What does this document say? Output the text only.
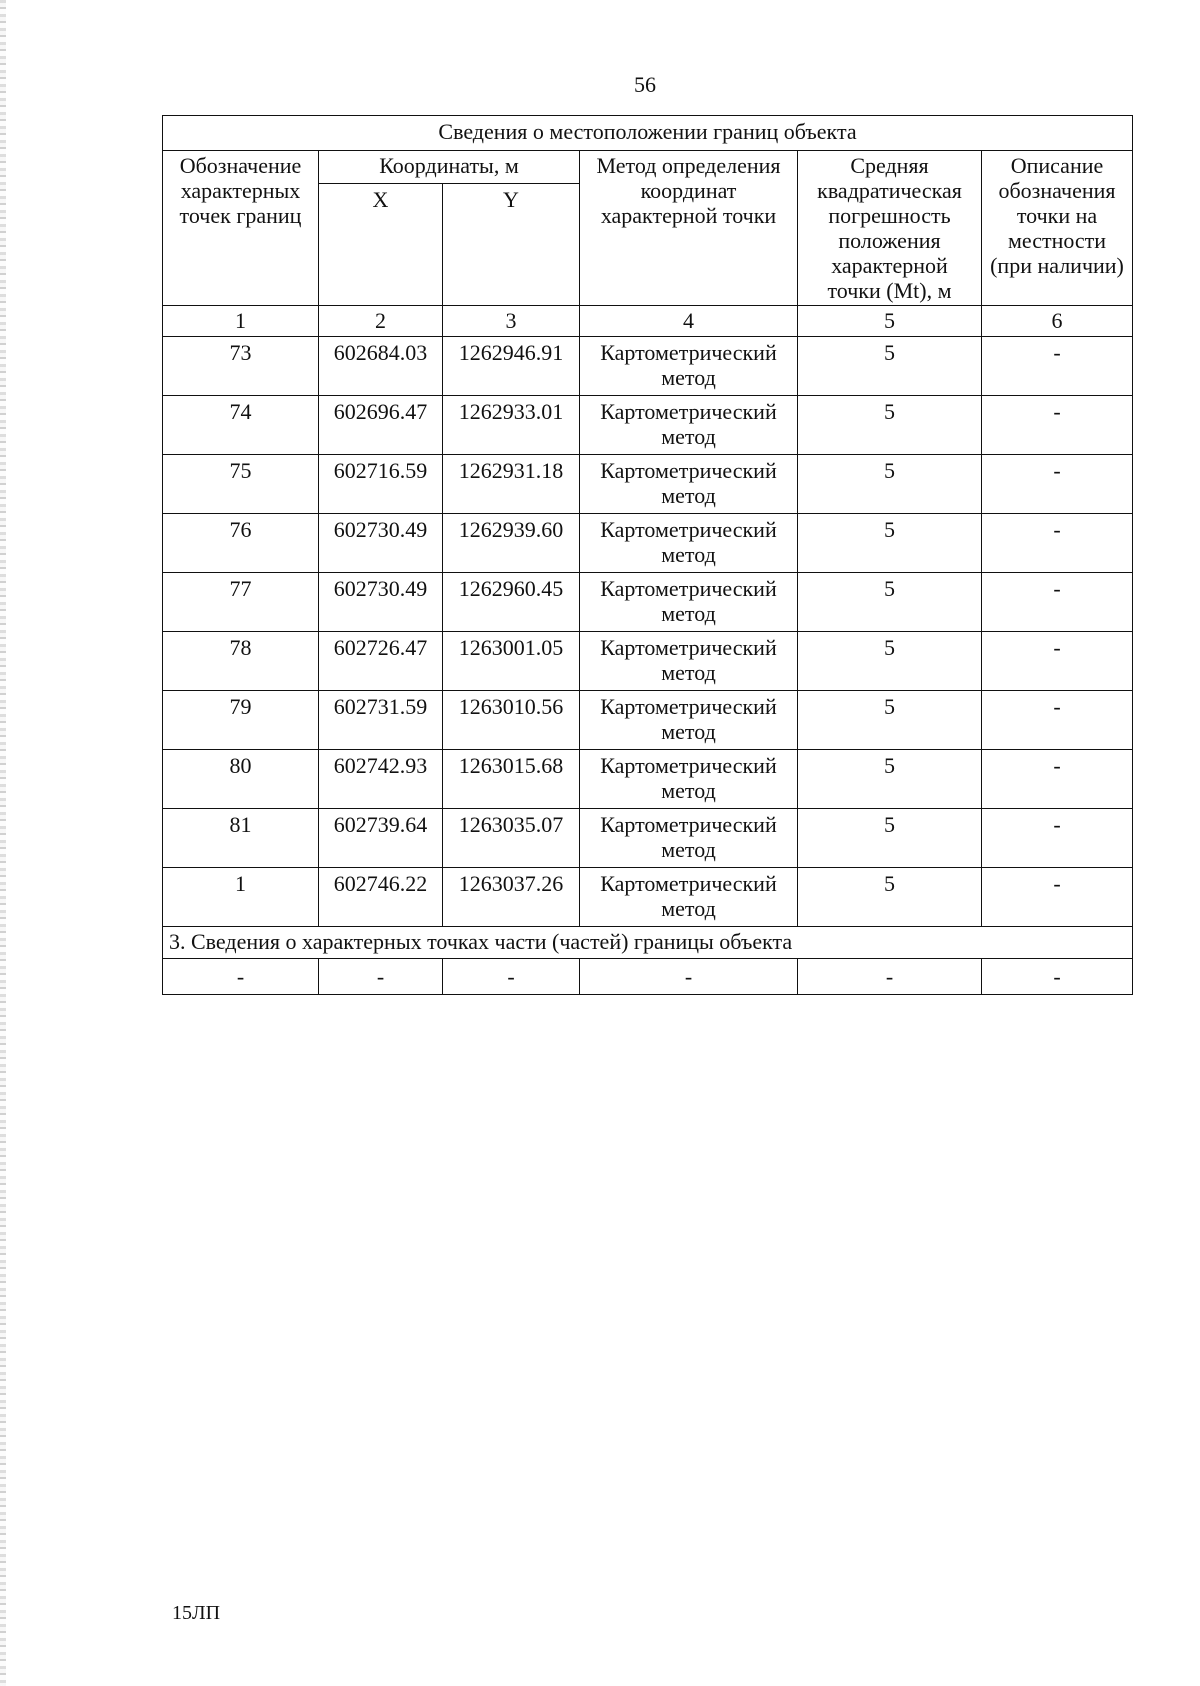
56
Сведения о местоположении границ объекта					
Обозначение характерных точек границ	Координаты, м		Метод определения координат характерной точки	Средняя квадратическая погрешность положения характерной точки (Mt), м	Описание обозначения точки на местности (при наличии)
	X	Y			
1	2	3	4	5	6
73	602684.03	1262946.91	Картометрический метод	5	-
74	602696.47	1262933.01	Картометрический метод	5	-
75	602716.59	1262931.18	Картометрический метод	5	-
76	602730.49	1262939.60	Картометрический метод	5	-
77	602730.49	1262960.45	Картометрический метод	5	-
78	602726.47	1263001.05	Картометрический метод	5	-
79	602731.59	1263010.56	Картометрический метод	5	-
80	602742.93	1263015.68	Картометрический метод	5	-
81	602739.64	1263035.07	Картометрический метод	5	-
1	602746.22	1263037.26	Картометрический метод	5	-
3. Сведения о характерных точках части (частей) границы объекта					
-	-	-	-	-	-
15ЛП
